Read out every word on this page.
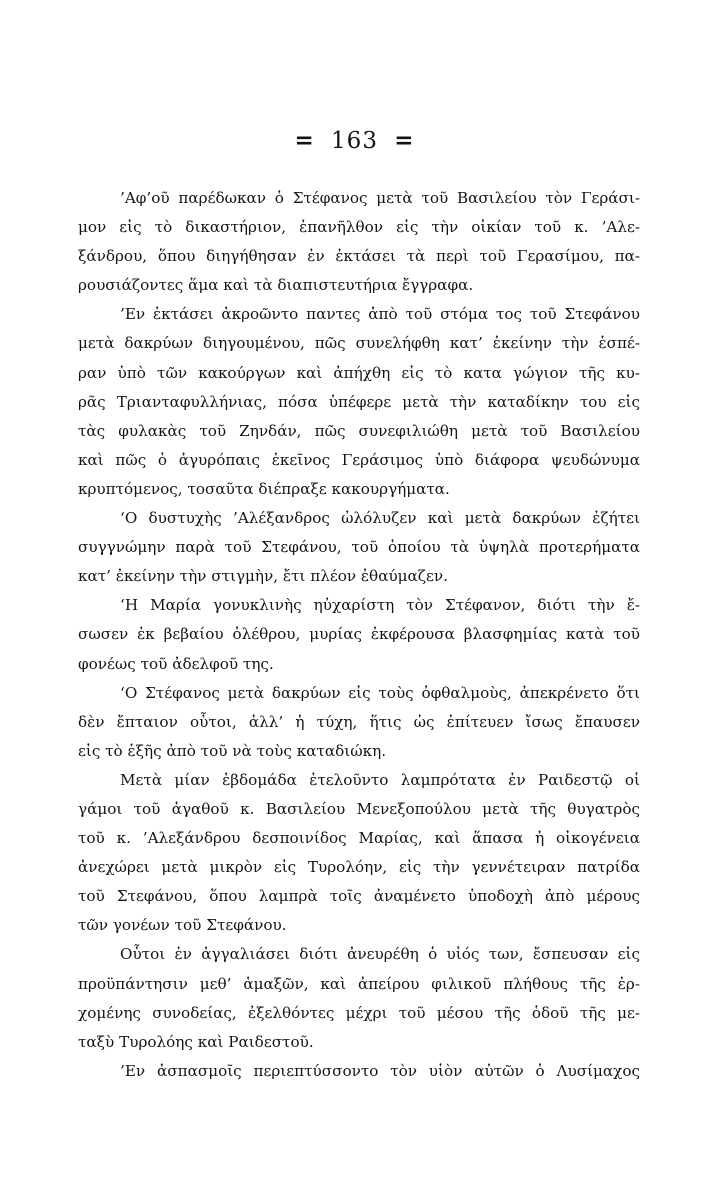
= 163 =
’Αφ’οῦ παρέδωκαν ὁ Στέφανος μετὰ τοῦ Βασιλείου τὸν Γεράσι-
μον εἰς τὸ δικαστήριον, ἐπανῆλθον εἰς τὴν οἰκίαν τοῦ κ. ’Αλε-
ξάνδρου, ὅπου διηγήθησαν ἐν ἐκτάσει τὰ περὶ τοῦ Γερασίμου, πα-
ρουσιάζοντες ἅμα καὶ τὰ διαπιστευτήρια ἔγγραφα.
’Εν ἐκτάσει ἀκροῶντο παντες ἀπὸ τοῦ στόμα τος τοῦ Στεφάνου
μετὰ δακρύων διηγουμένου, πῶς συνελήφθη κατ’ ἐκείνην τὴν ἑσπέ-
ραν ὑπὸ τῶν κακούργων καὶ ἀπήχθη εἰς τὸ κατα γώγιον τῆς κυ-
ρᾶς Τριανταφυλλήνιας, πόσα ὑπέφερε μετὰ τὴν καταδίκην του εἰς
τὰς φυλακὰς τοῦ Ζηνδάν, πῶς συνεφιλιώθη μετὰ τοῦ Βασιλείου
καὶ πῶς ὁ ἀγυρόπαις ἐκεῖνος Γεράσιμος ὑπὸ διάφορα ψευδώνυμα
κρυπτόμενος, τοσαῦτα διέπραξε κακουργήματα.
‘Ο δυστυχὴς ’Αλέξανδρος ὠλόλυζεν καὶ μετὰ δακρύων ἐζήτει
συγγνώμην παρὰ τοῦ Στεφάνου, τοῦ ὁποίου τὰ ὑψηλὰ προτερήματα
κατ’ ἐκείνην τὴν στιγμὴν, ἔτι πλέον ἐθαύμαζεν.
‘Η Μαρία γονυκλινὴς ηὐχαρίστη τὸν Στέφανον, διότι τὴν ἔ-
σωσεν ἐκ βεβαίου ὀλέθρου, μυρίας ἐκφέρουσα βλασφημίας κατὰ τοῦ
φονέως τοῦ ἀδελφοῦ της.
‘Ο Στέφανος μετὰ δακρύων εἰς τοὺς ὀφθαλμοὺς, ἀπεκρένετο ὅτι
δὲν ἔπταιον οὗτοι, ἀλλ’ ἡ τύχη, ἥτις ὡς ἐπίτευεν ἴσως ἔπαυσεν
εἰς τὸ ἑξῆς ἀπὸ τοῦ νὰ τοὺς καταδιώκη.
Μετὰ μίαν ἑβδομάδα ἐτελοῦντο λαμπρότατα ἐν Ραιδεστῷ οἱ
γάμοι τοῦ ἀγαθοῦ κ. Βασιλείου Μενεξοπούλου μετὰ τῆς θυγατρὸς
τοῦ κ. ’Αλεξάνδρου δεσποινίδος Μαρίας, καὶ ἅπασα ἡ οἰκογένεια
ἀνεχώρει μετὰ μικρὸν εἰς Τυρολόην, εἰς τὴν γεννέτειραν πατρίδα
τοῦ Στεφάνου, ὅπου λαμπρὰ τοῖς ἀναμένετο ὑποδοχὴ ἀπὸ μέρους
τῶν γονέων τοῦ Στεφάνου.
Οὗτοι ἐν ἀγγαλιάσει διότι ἀνευρέθη ὁ υἱός των, ἔσπευσαν εἰς
προϋπάντησιν μεθ’ ἁμαξῶν, καὶ ἀπείρου φιλικοῦ πλήθους τῆς ἐρ-
χομένης συνοδείας, ἐξελθόντες μέχρι τοῦ μέσου τῆς ὁδοῦ τῆς με-
ταξὺ Τυρολόης καὶ Ραιδεστοῦ.
’Εν ἀσπασμοῖς περιεπτύσσοντο τὸν υἱὸν αὐτῶν ὁ Λυσίμαχος
